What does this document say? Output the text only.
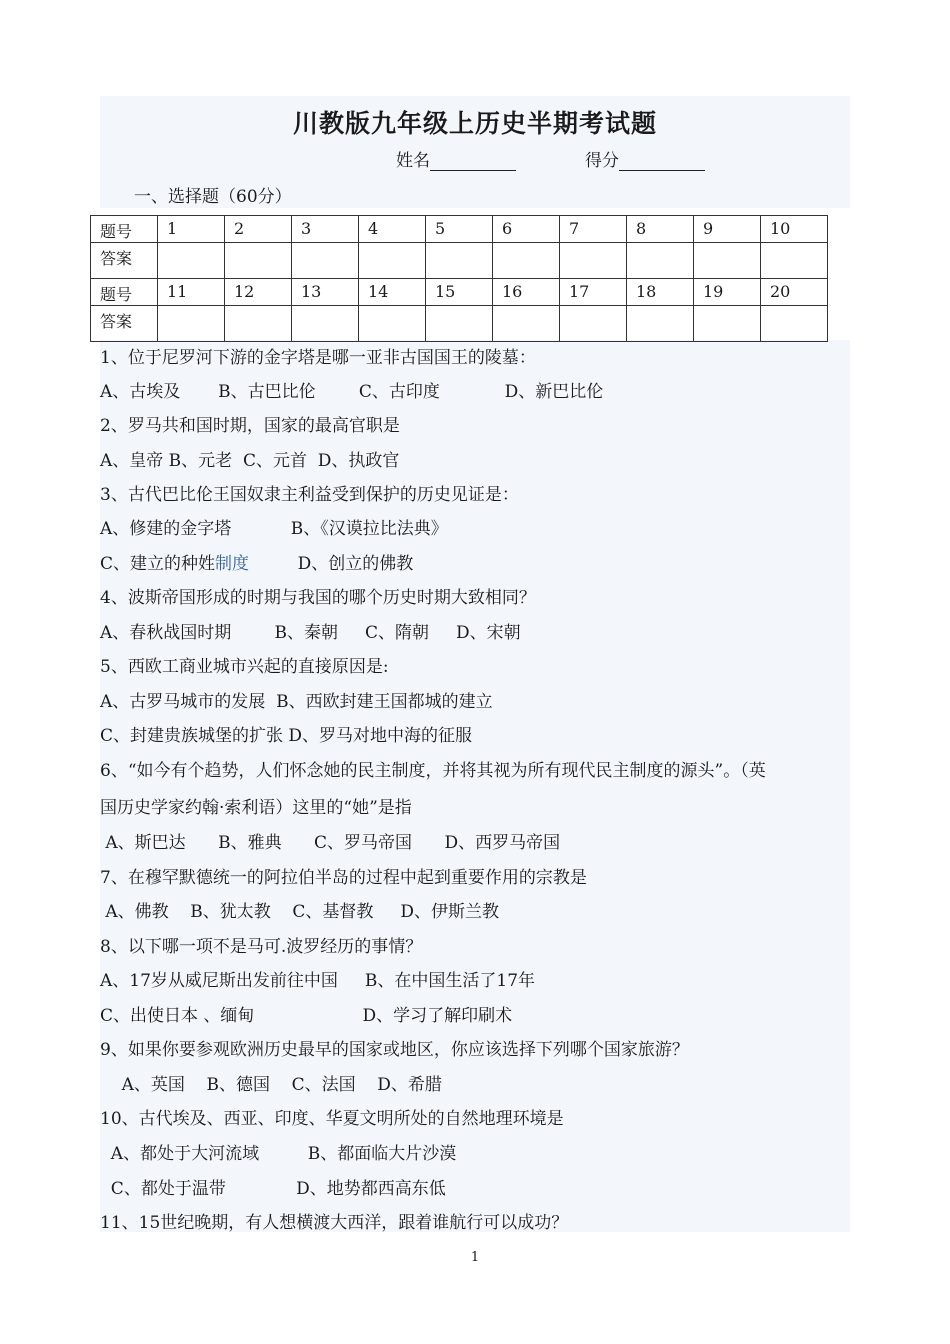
川教版九年级上历史半期考试题
姓名	得分
一、选择题（60分）
题号	1	2	3	4	5	6	7	8	9	10
答案										
题号	11	12	13	14	15	16	17	18	19	20
答案										
1、位于尼罗河下游的金字塔是哪一亚非古国国王的陵墓：
A、古埃及       B、古巴比伦        C、古印度            D、新巴比伦
2、罗马共和国时期，国家的最高官职是
A、皇帝 B、元老  C、元首  D、执政官
3、古代巴比伦王国奴隶主利益受到保护的历史见证是：
A、修建的金字塔           B、《汉谟拉比法典》
C、建立的种姓制度         D、创立的佛教
4、波斯帝国形成的时期与我国的哪个历史时期大致相同？
A、春秋战国时期        B、秦朝     C、隋朝     D、宋朝
5、西欧工商业城市兴起的直接原因是:
A、古罗马城市的发展  B、西欧封建王国都城的建立
C、封建贵族城堡的扩张 D、罗马对地中海的征服
6、“如今有个趋势，人们怀念她的民主制度，并将其视为所有现代民主制度的源头”。（英
国历史学家约翰·索利语）这里的“她”是指
A、斯巴达      B、雅典      C、罗马帝国      D、西罗马帝国
7、在穆罕默德统一的阿拉伯半岛的过程中起到重要作用的宗教是
A、佛教    B、犹太教    C、基督教     D、伊斯兰教
8、以下哪一项不是马可.波罗经历的事情？
A、17岁从威尼斯出发前往中国     B、在中国生活了17年
C、出使日本 、缅甸                    D、学习了解印刷术
9、如果你要参观欧洲历史最早的国家或地区，你应该选择下列哪个国家旅游？
A、英国    B、德国    C、法国    D、希腊
10、古代埃及、西亚、印度、华夏文明所处的自然地理环境是
A、都处于大河流域         B、都面临大片沙漠
C、都处于温带             D、地势都西高东低
11、15世纪晚期，有人想横渡大西洋，跟着谁航行可以成功？
1
